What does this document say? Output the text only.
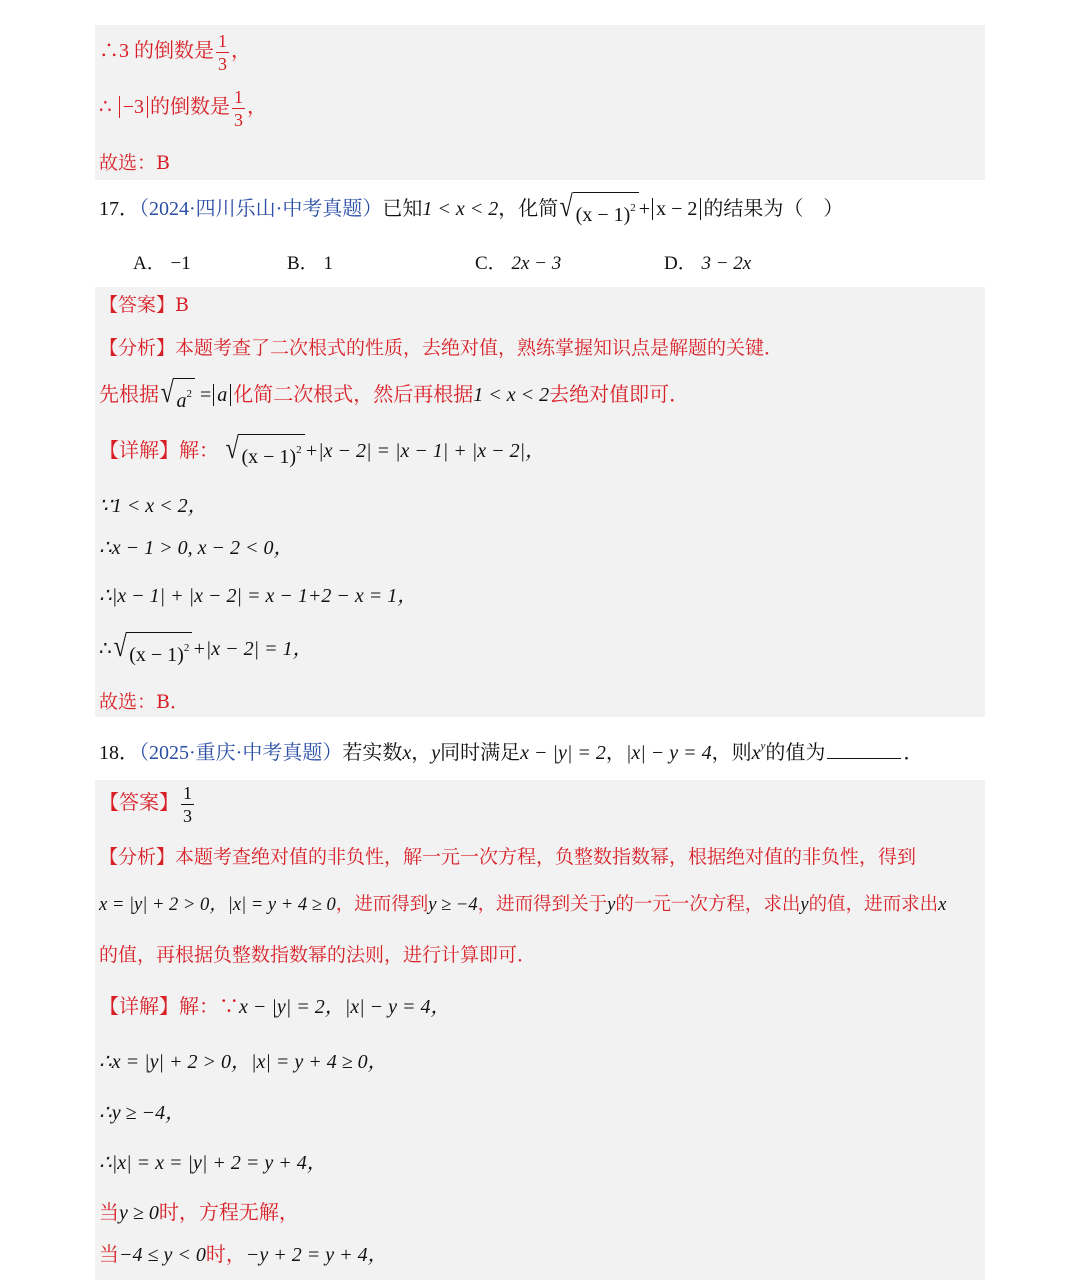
∴3 的倒数是 $\frac{1}{3}$ ，
∴ −3 的倒数是 $\frac{1}{3}$ ，
故选：B
17．（2024·四川乐山·中考真题）已知1 < x < 2，化简 √ $(x - 1)^2 + x - 2$ 的结果为（　）
A． −1	B． 1	C． 2x − 3	D． 3 − 2x
【答案】B
【分析】本题考查了二次根式的性质，去绝对值，熟练掌握知识点是解题的关键．
先根据 √ $a^2 = a$ 化简二次根式，然后再根据1 < x < 2去绝对值即可．
【详解】解： √ $(x - 1)^2 +|x - 2| = |x - 1| + |x - 2|$，
∵1 < x < 2，
∴x − 1 > 0, x − 2 < 0，
∴|x − 1| + |x − 2| = x − 1+2 − x = 1，
∴ √ $(x - 1)^2 +|x - 2| = 1$，
故选：B．
18．（2025·重庆·中考真题）若实数x，y同时满足x − |y| = 2，|x| − y = 4，则$x^y$的值为	．
【答案】 $\frac{1}{3}$
【分析】本题考查绝对值的非负性，解一元一次方程，负整数指数幂，根据绝对值的非负性，得到
x = |y| + 2 > 0，|x| = y + 4 ≥ 0，进而得到y ≥ −4，进而得到关于y的一元一次方程，求出y的值，进而求出x
的值，再根据负整数指数幂的法则，进行计算即可．
【详解】解：∵x − |y| = 2，|x| − y = 4，
∴x = |y| + 2 > 0，|x| = y + 4 ≥ 0，
∴y ≥ −4，
∴|x| = x = |y| + 2 = y + 4，
当y ≥ 0时，方程无解，
当−4 ≤ y < 0时，−y + 2 = y + 4，
